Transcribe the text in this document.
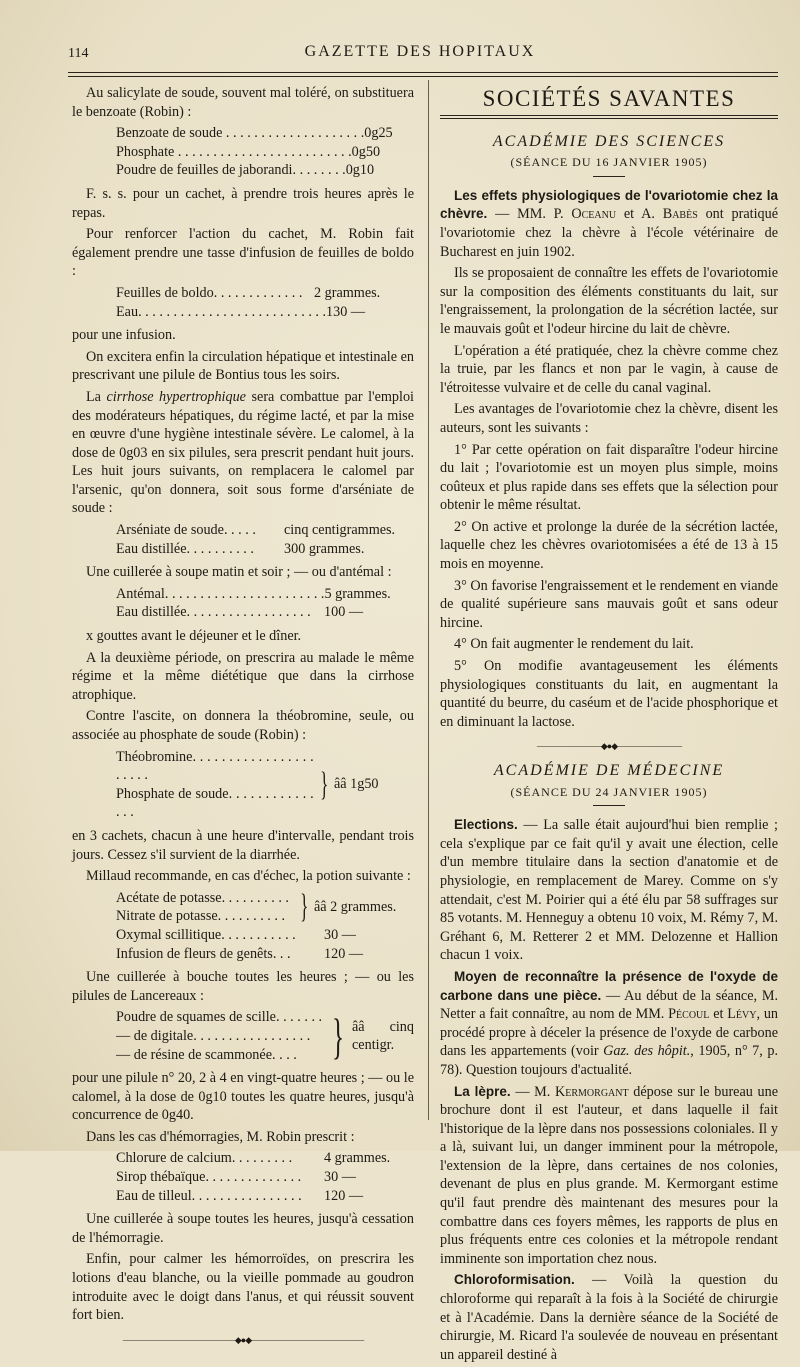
114	GAZETTE DES HOPITAUX

Au salicylate de soude, souvent mal toléré, on substituera le benzoate (Robin) :

Benzoate de soude . . . . . . . . . . . . . . . . . . . . 0g25
Phosphate . . . . . . . . . . . . . . . . . . . . . . . . . 0g50
Poudre de feuilles de jaborandi. . . . . . . . 0g10

F. s. s. pour un cachet, à prendre trois heures après le repas.

Pour renforcer l'action du cachet, M. Robin fait également prendre une tasse d'infusion de feuilles de boldo :

Feuilles de boldo. . . . . . . . . . . . . 2 grammes.
Eau. . . . . . . . . . . . . . . . . . . . . . . . . . . 130 —

pour une infusion.

On excitera enfin la circulation hépatique et intestinale en prescrivant une pilule de Bontius tous les soirs.

La cirrhose hypertrophique sera combattue par l'emploi des modérateurs hépatiques, du régime lacté, et par la mise en œuvre d'une hygiène intestinale sévère. Le calomel, à la dose de 0g03 en six pilules, sera prescrit pendant huit jours. Les huit jours suivants, on remplacera le calomel par l'arsenic, qu'on donnera, soit sous forme d'arséniate de soude :

Arséniate de soude. . . . . cinq centigrammes.
Eau distillée. . . . . . . . . . 300 grammes.

Une cuillerée à soupe matin et soir ; — ou d'antémal :

Antémal. . . . . . . . . . . . . . . . . . . . . . . 5 grammes.
Eau distillée. . . . . . . . . . . . . . . . . . 100 —

x gouttes avant le déjeuner et le dîner.

A la deuxième période, on prescrira au malade le même régime et la même diététique que dans la cirrhose atrophique.

Contre l'ascite, on donnera la théobromine, seule, ou associée au phosphate de soude (Robin) :

Théobromine. . . . . . . . . . . . . . . . . . . . . .
Phosphate de soude. . . . . . . . . . . . . . .
} ââ 1g50

en 3 cachets, chacun à une heure d'intervalle, pendant trois jours. Cessez s'il survient de la diarrhée.

Millaud recommande, en cas d'échec, la potion suivante :

Acétate de potasse. . . . . . . . . .
Nitrate de potasse. . . . . . . . . . } ââ 2 grammes.
Oxymal scillitique. . . . . . . . . . . 30 —
Infusion de fleurs de genêts. . . 120 —

Une cuillerée à bouche toutes les heures ; — ou les pilules de Lancereaux :

Poudre de squames de scille. . . . . . .
— de digitale. . . . . . . . . . . . . . . . .
— de résine de scammonée. . . . } ââ cinq centigr.

pour une pilule n° 20, 2 à 4 en vingt-quatre heures ; — ou le calomel, à la dose de 0g10 toutes les quatre heures, jusqu'à concurrence de 0g40.

Dans les cas d'hémorragies, M. Robin prescrit :

Chlorure de calcium. . . . . . . . . 4 grammes.
Sirop thébaïque. . . . . . . . . . . . . . 30 —
Eau de tilleul. . . . . . . . . . . . . . . . 120 —

Une cuillerée à soupe toutes les heures, jusqu'à cessation de l'hémorragie.

Enfin, pour calmer les hémorroïdes, on prescrira les lotions d'eau blanche, ou la vieille pommade au goudron introduite avec le doigt dans l'anus, et qui réussit souvent fort bien.

——————————————◆●◆——————————————
SOCIÉTÉS SAVANTES
ACADÉMIE DES SCIENCES
(SÉANCE DU 16 JANVIER 1905)

Les effets physiologiques de l'ovariotomie chez la chèvre. — MM. P. Oceanu et A. Babès ont pratiqué l'ovariotomie chez la chèvre à l'école vétérinaire de Bucharest en juin 1902.

Ils se proposaient de connaître les effets de l'ovariotomie sur la composition des éléments constituants du lait, sur l'engraissement, la prolongation de la sécrétion lactée, sur le mauvais goût et l'odeur hircine du lait de chèvre.

L'opération a été pratiquée, chez la chèvre comme chez la truie, par les flancs et non par le vagin, à cause de l'étroitesse vulvaire et de celle du canal vaginal.

Les avantages de l'ovariotomie chez la chèvre, disent les auteurs, sont les suivants :

1° Par cette opération on fait disparaître l'odeur hircine du lait ; l'ovariotomie est un moyen plus simple, moins coûteux et plus rapide dans ses effets que la sélection pour obtenir le même résultat.

2° On active et prolonge la durée de la sécrétion lactée, laquelle chez les chèvres ovariotomisées a été de 13 à 15 mois en moyenne.

3° On favorise l'engraissement et le rendement en viande de qualité supérieure sans mauvais goût et sans odeur hircine.

4° On fait augmenter le rendement du lait.

5° On modifie avantageusement les éléments physiologiques constituants du lait, en augmentant la quantité du beurre, du caséum et de l'acide phosphorique et en diminuant la lactose.

————————◆●◆————————
ACADÉMIE DE MÉDECINE
(SÉANCE DU 24 JANVIER 1905)

Elections. — La salle était aujourd'hui bien remplie ; cela s'explique par ce fait qu'il y avait une élection, celle d'un membre titulaire dans la section d'anatomie et de physiologie, en remplacement de Marey. Comme on s'y attendait, c'est M. Poirier qui a été élu par 58 suffrages sur 85 votants. M. Henneguy a obtenu 10 voix, M. Rémy 7, M. Gréhant 6, M. Retterer 2 et MM. Delozenne et Hallion chacun 1 voix.

Moyen de reconnaître la présence de l'oxyde de carbone dans une pièce. — Au début de la séance, M. Netter a fait connaître, au nom de MM. Pécoul et Lévy, un procédé propre à déceler la présence de l'oxyde de carbone dans les appartements (voir Gaz. des hôpit., 1905, n° 7, p. 78). Question toujours d'actualité.

La lèpre. — M. Kermorgant dépose sur le bureau une brochure dont il est l'auteur, et dans laquelle il fait l'historique de la lèpre dans nos possessions coloniales. Il y a là, suivant lui, un danger imminent pour la métropole, l'extension de la lèpre, dans certaines de nos colonies, devenant de plus en plus grande. M. Kermorgant estime qu'il faut prendre dès maintenant des mesures pour la combattre dans ces foyers mêmes, les rapports de plus en plus fréquents entre ces colonies et la métropole rendant imminente son importation chez nous.

Chloroformisation. — Voilà la question du chloroforme qui reparaît à la fois à la Société de chirurgie et à l'Académie. Dans la dernière séance de la Société de chirurgie, M. Ricard l'a soulevée de nouveau en présentant un appareil destiné à
